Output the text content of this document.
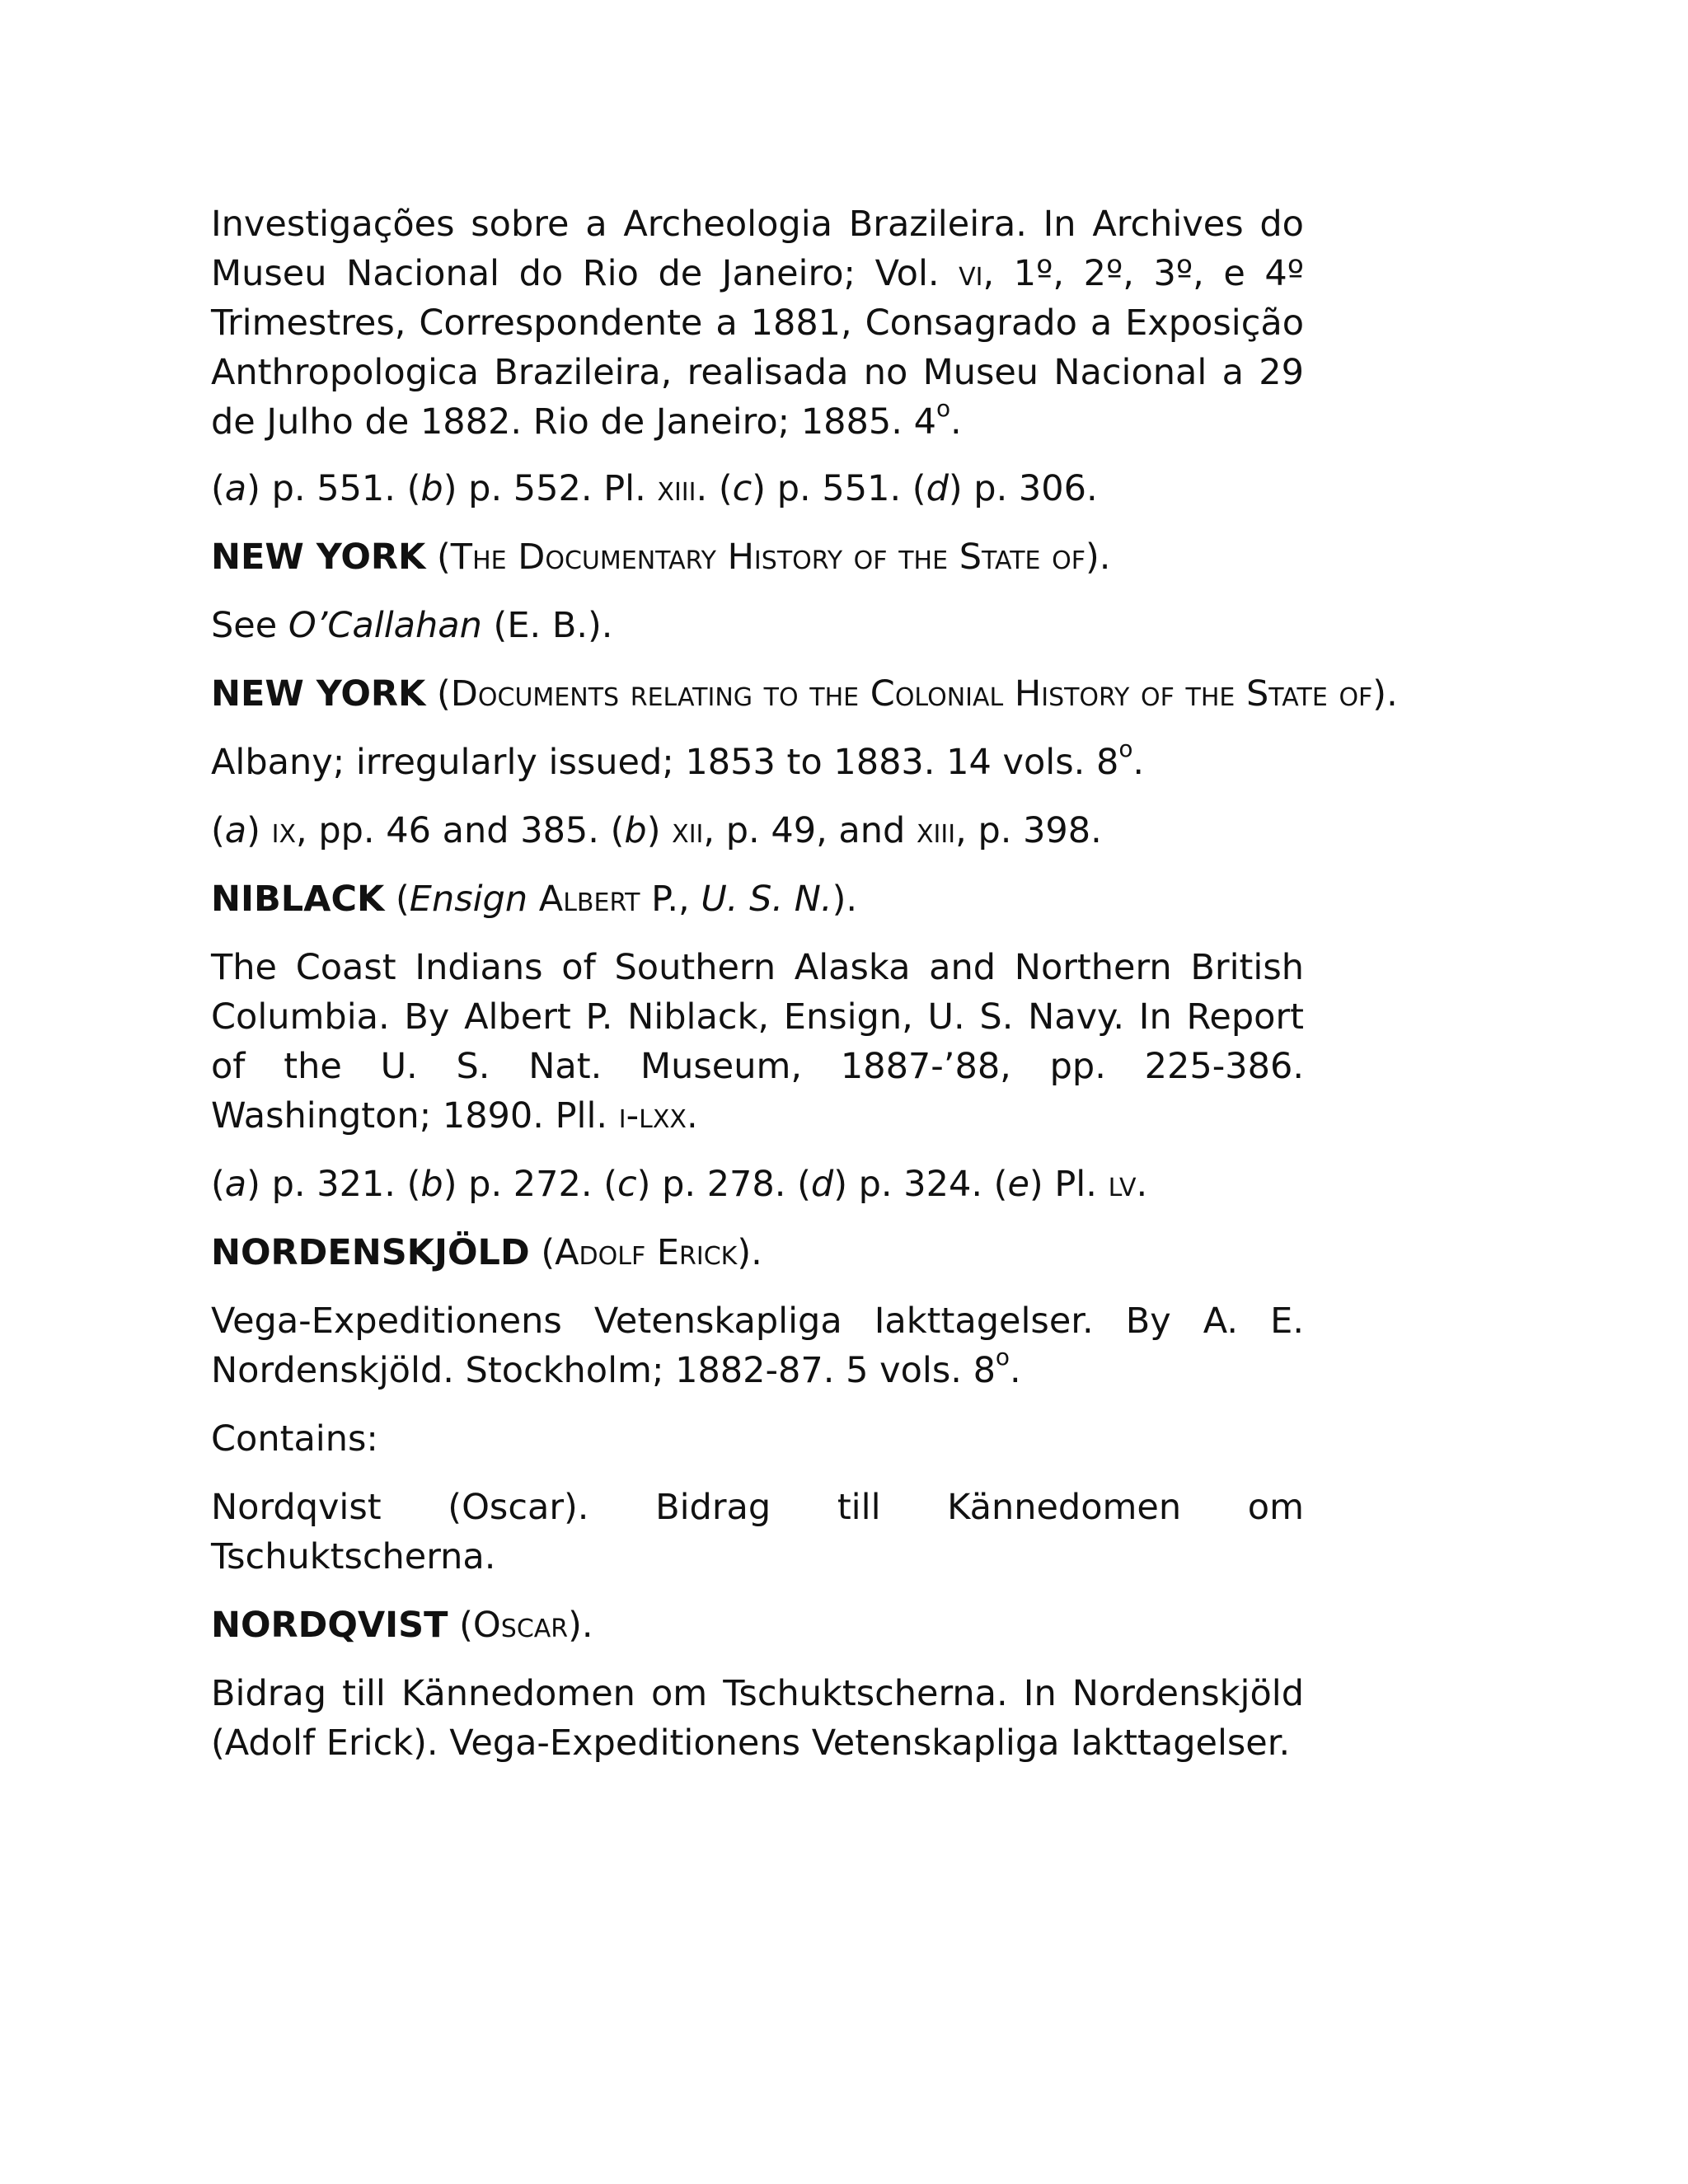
Investigações sobre a Archeologia Brazileira. In Archives do Museu Nacional do Rio de Janeiro; Vol. vi, 1º, 2º, 3º, e 4º Trimestres, Correspondente a 1881, Consagrado a Exposição Anthropologica Brazileira, realisada no Museu Nacional a 29 de Julho de 1882. Rio de Janeiro; 1885. 4$^o$.

(a) p. 551. (b) p. 552. Pl. xiii. (c) p. 551. (d) p. 306.

NEW YORK (The Documentary History of the State of).

See O’Callahan (E. B.).

NEW YORK (Documents relating to the Colonial History of the State of).

Albany; irregularly issued; 1853 to 1883. 14 vols. 8$^o$.

(a) ix, pp. 46 and 385. (b) xii, p. 49, and xiii, p. 398.

NIBLACK (Ensign Albert P., U. S. N.).

The Coast Indians of Southern Alaska and Northern British Columbia. By Albert P. Niblack, Ensign, U. S. Navy. In Report of the U. S. Nat. Museum, 1887-’88, pp. 225-386. Washington; 1890. Pll. i-lxx.

(a) p. 321. (b) p. 272. (c) p. 278. (d) p. 324. (e) Pl. lv.

NORDENSKJÖLD (Adolf Erick).

Vega-Expeditionens Vetenskapliga Iakttagelser. By A. E. Nordenskjöld. Stockholm; 1882-87. 5 vols. 8$^o$.

Contains:

Nordqvist (Oscar). Bidrag till Kännedomen om Tschuktscherna.

NORDQVIST (Oscar).

Bidrag till Kännedomen om Tschuktscherna. In Nordenskjöld (Adolf Erick). Vega-Expeditionens Vetenskapliga Iakttagelser.
